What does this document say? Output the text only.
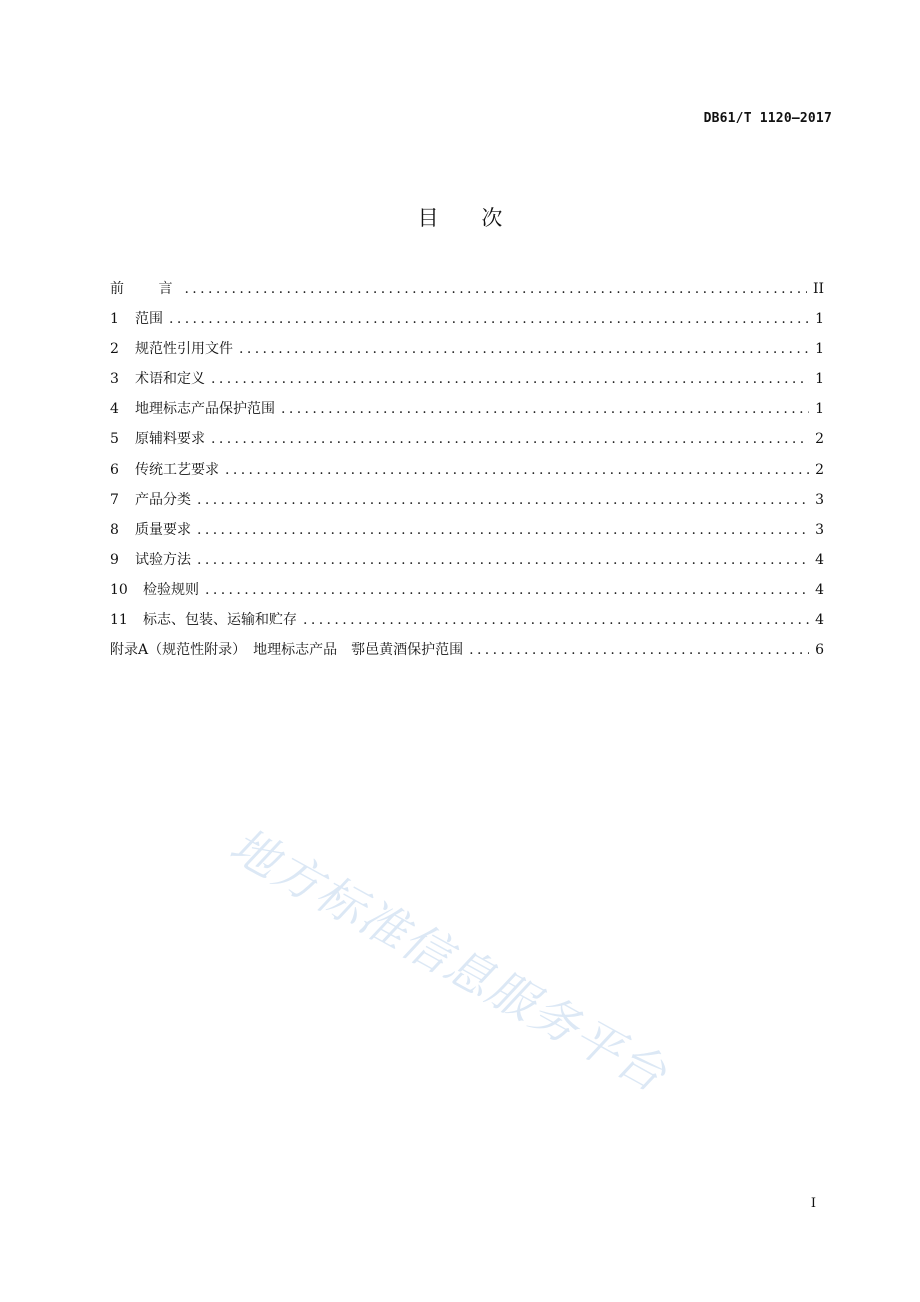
DB61/T 1120—2017
目 次
前 言 .....	II
1	范围 .....	1
2	规范性引用文件 .....	1
3	术语和定义 .....	1
4	地理标志产品保护范围 .....	1
5	原辅料要求 .....	2
6	传统工艺要求 .....	2
7	产品分类 .....	3
8	质量要求 .....	3
9	试验方法 .....	4
10	检验规则 .....	4
11	标志、包装、运输和贮存 .....	4
附录A（规范性附录）　地理标志产品　鄠邑黄酒保护范围 .....	6
地方标准信息服务平台
I
